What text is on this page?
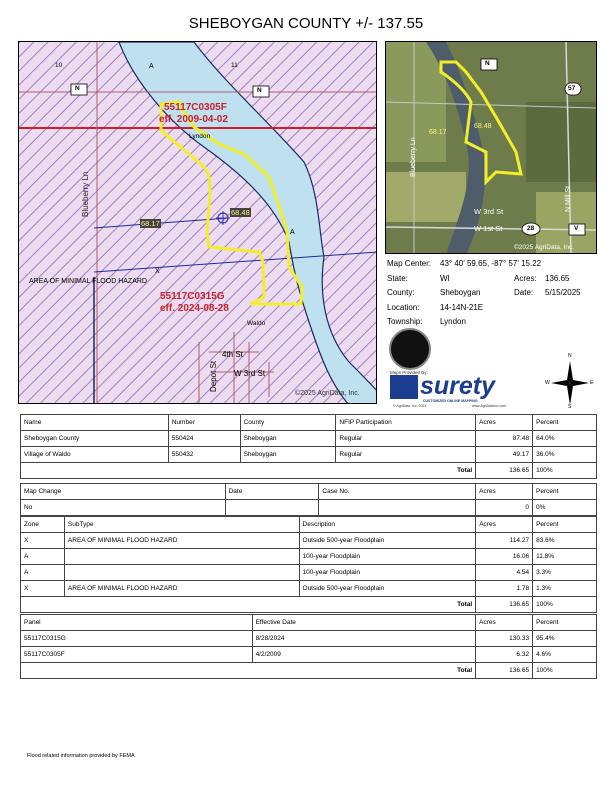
SHEBOYGAN COUNTY +/- 137.55
10	A	11
N	N
55117C0305F
eff. 2009-04-02
Lyndon
Blueberry Ln
68.17
68.48
A
X
AREA OF MINIMAL FLOOD HAZARD
55117C0315G
eff. 2024-08-28
Waldo
Depot St
4th St
W 3rd St
©2025 AgriData, Inc.
N
57
Blueberry Ln
68.17
68.48
W 3rd St
W 1st St	28	V
N Mill St
©2025 AgriData, Inc.
Map Center: 43° 40' 59.65, -87° 57' 15.22
State:	WI	Acres: 136.65
County:	Sheboygan	Date: 5/15/2025
Location:	14-14N-21E
Township: Lyndon
Maps Provided By:
surety
CUSTOMIZED ONLINE MAPPING
© AgriData, Inc. 2023	www.AgriDataInc.com
N
S
W	E
Name	Number	County	NFIP Participation	Acres	Percent
Sheboygan County	550424	Sheboygan	Regular	87.48	64.0%
Village of Waldo	550432	Sheboygan	Regular	49.17	36.0%
Total				136.65	100%
Map Change	Date	Case No.	Acres	Percent
No			0	0%
Zone	SubType	Description	Acres	Percent
X	AREA OF MINIMAL FLOOD HAZARD	Outside 500-year Floodplain	114.27	83.6%
A		100-year Floodplain	16.06	11.8%
A		100-year Floodplain	4.54	3.3%
X	AREA OF MINIMAL FLOOD HAZARD	Outside 500-year Floodplain	1.78	1.3%
Total			136.65	100%
Panel	Effective Date	Acres	Percent
55117C0315G	8/28/2024	130.33	95.4%
55117C0305F	4/2/2009	6.32	4.6%
Total		136.65	100%
Flood related information provided by FEMA
